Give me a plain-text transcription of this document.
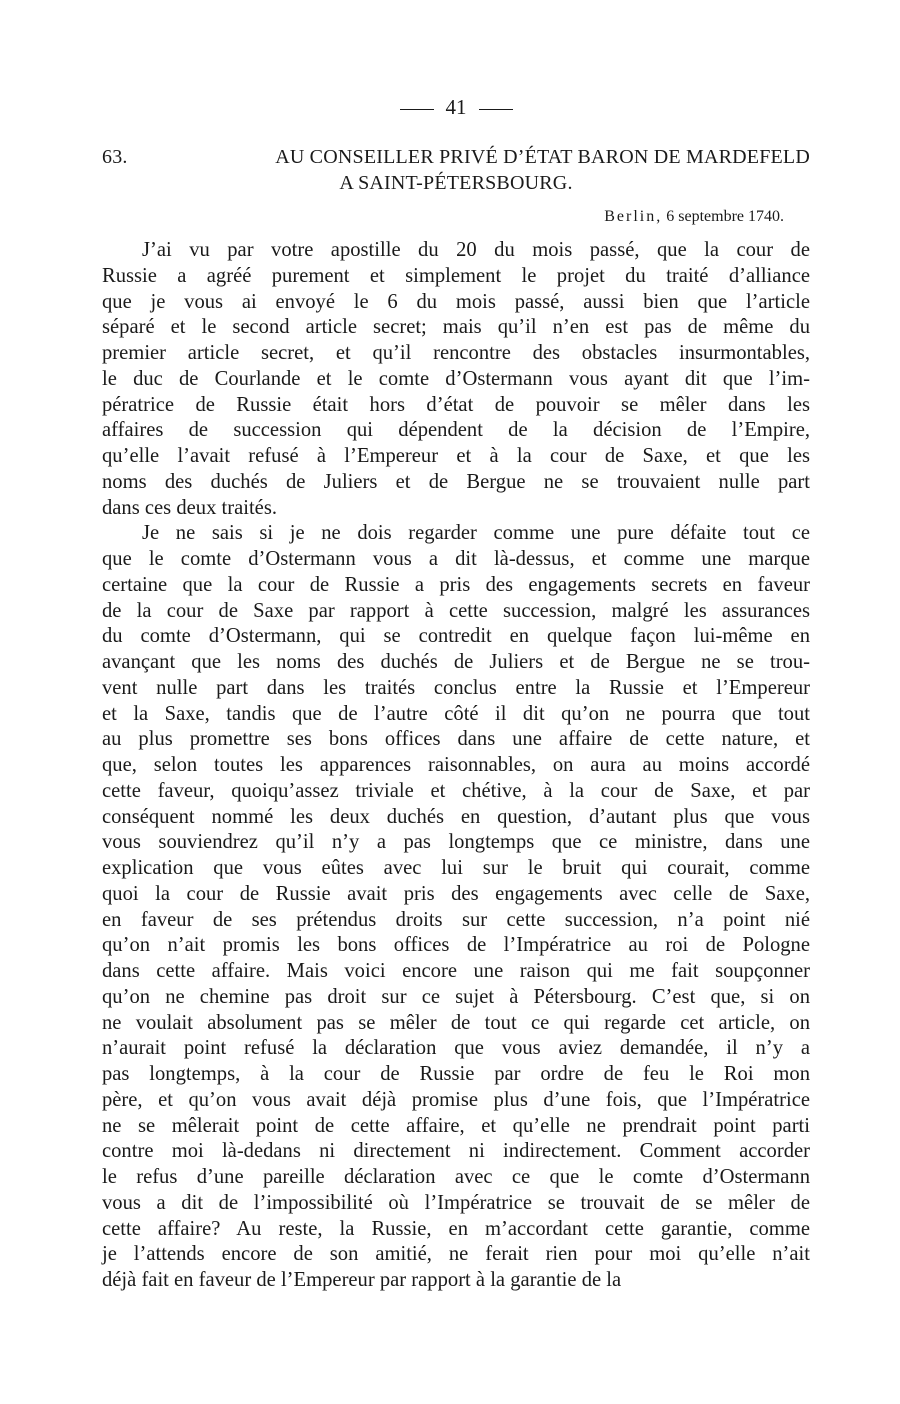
41
63.	AU CONSEILLER PRIVÉ D’ÉTAT BARON DE MARDEFELD
A SAINT-PÉTERSBOURG.
Berlin, 6 septembre 1740.
J’ai vu par votre apostille du 20 du mois passé, que la cour de
Russie a agréé purement et simplement le projet du traité d’alliance
que je vous ai envoyé le 6 du mois passé, aussi bien que l’article
séparé et le second article secret; mais qu’il n’en est pas de même du
premier article secret, et qu’il rencontre des obstacles insurmontables,
le duc de Courlande et le comte d’Ostermann vous ayant dit que l’im-
pératrice de Russie était hors d’état de pouvoir se mêler dans les
affaires de succession qui dépendent de la décision de l’Empire,
qu’elle l’avait refusé à l’Empereur et à la cour de Saxe, et que les
noms des duchés de Juliers et de Bergue ne se trouvaient nulle part
dans ces deux traités.
Je ne sais si je ne dois regarder comme une pure défaite tout ce
que le comte d’Ostermann vous a dit là-dessus, et comme une marque
certaine que la cour de Russie a pris des engagements secrets en faveur
de la cour de Saxe par rapport à cette succession, malgré les assurances
du comte d’Ostermann, qui se contredit en quelque façon lui-même en
avançant que les noms des duchés de Juliers et de Bergue ne se trou-
vent nulle part dans les traités conclus entre la Russie et l’Empereur
et la Saxe, tandis que de l’autre côté il dit qu’on ne pourra que tout
au plus promettre ses bons offices dans une affaire de cette nature, et
que, selon toutes les apparences raisonnables, on aura au moins accordé
cette faveur, quoiqu’assez triviale et chétive, à la cour de Saxe, et par
conséquent nommé les deux duchés en question, d’autant plus que vous
vous souviendrez qu’il n’y a pas longtemps que ce ministre, dans une
explication que vous eûtes avec lui sur le bruit qui courait, comme
quoi la cour de Russie avait pris des engagements avec celle de Saxe,
en faveur de ses prétendus droits sur cette succession, n’a point nié
qu’on n’ait promis les bons offices de l’Impératrice au roi de Pologne
dans cette affaire. Mais voici encore une raison qui me fait soupçonner
qu’on ne chemine pas droit sur ce sujet à Pétersbourg. C’est que, si on
ne voulait absolument pas se mêler de tout ce qui regarde cet article, on
n’aurait point refusé la déclaration que vous aviez demandée, il n’y a
pas longtemps, à la cour de Russie par ordre de feu le Roi mon
père, et qu’on vous avait déjà promise plus d’une fois, que l’Impératrice
ne se mêlerait point de cette affaire, et qu’elle ne prendrait point parti
contre moi là-dedans ni directement ni indirectement. Comment accorder
le refus d’une pareille déclaration avec ce que le comte d’Ostermann
vous a dit de l’impossibilité où l’Impératrice se trouvait de se mêler de
cette affaire? Au reste, la Russie, en m’accordant cette garantie, comme
je l’attends encore de son amitié, ne ferait rien pour moi qu’elle n’ait
déjà fait en faveur de l’Empereur par rapport à la garantie de la
